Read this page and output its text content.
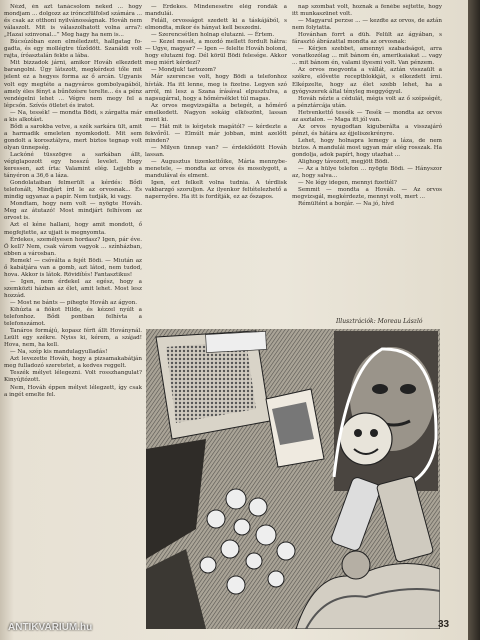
Nézd, én azt tanácsolom neked ... hogy mondjam ... dolgozz az irónczfülfolsd számára ... és csak az otthoni nyilvánosságnak. Hováh nem válaszolt. Mit is válaszolhatott volna arra?: „Hazai szinvonal...” Meg hagy ha nem is...

Búcsúzóban ezen elméledzett, hallgatag fogadta, és egy mollégtre tűződött. Szanáldi volt rajta, íróasztalán fekte a lába.

Mit bizzadok járni, amikor Hováh elkezdett barangolni. Úgy látszott, megkérdezi tőle mit jelent ez a hegyes forma az ő arcán. Ugyanis volt egy megtéte a nagyváros gombolyagából, amely éles fényt a bűnözésre terelte... és a pénz vendégelni lehet ... Végre nem megy fel a lépcsőn. Szívós ötletet és iratot.

— Na, tessék! — mondta Bödi, s zárgatta már a kis alkotást.

Bődi a sarokba vetve, a szék sarkára ült, amit a harmadik emeleten nyomkodott. Mit sem gondolt a korosztályra, mert biztos tegnap volt olyan ünnepség.

Lackóné tüsszögve a sarkában állt, végiglapozott egy hosszú levelet. Hogy keressen, azt írta: Valamint elég. Lejjebb a tányéron a 36,6 a láza.

Gondolataiban felmerült a kérdés: Bődi telefonált, Mindjárt írd le az orvosnak... És mindig ugyanaz a papír. Nem tudják, ki vagy.

Mondtam, hogy nem volt — nyögte Hováh. Meg az átutazó! Most mindjárt felhívom az orvost is.

Azt el kéne hallani, hogy amit mondott, ő megfejtette, az ujjait is megnyomta.

Érdekes, személyesen hordasz? Igen, pár éve. Ő kell? Nem, csak várom vagyok ... színházban, ebben a városban.

Remek! — csóválta a fejét Bödi. — Miután az ő kabátjára van a gomb, azt látod, nem tudod, hova. Akkor is látok. Rövidítés! Fantasztikus!

— Igen, nem érdekel az egész, hogy a szemközti házban az élet, amit lehet. Most lesz hozzád.

— Most ne bánts — pihegte Hováh az ágyon.

Kihúzta a fiókot Hilde, és kézzel nyúlt a telefonhoz. Bődi pontban felhívta a telefonszámot.

Tanáros formájú, kopasz férfi állt Hoványnál. Leült egy székre. Nyiss ki, kérem, a szájad! Hova, nem, ha kell.

— Na, szép kis mandulagyulladás!

Azt levezette Hováh, hogy a pizsamakabátján meg fulladozó szeretetet, a kedves reggelt.

Teszék mélyet lélegezni. Volt rosszhangulat? Kinyújtózott.

Nem, Hováh éppen mélyet lélegzett, így csak a ingét emelte fel.

— Érdekes. Mindenesetre elég rondák a mandulái.

Feláll, orvosságot szedett ki a táskájából, s elmondta, mikor és hányat kell beszedni.

— Szerencsétlen holnap elutazni. — Értem.

— Kezel mesét, a mozdó mellett fordult hátra: — Ugye, magyar? — Igen — felelte Hováh bolond, hogy elutazni fog. Dél körül Bödi felesége. Akkor meg miért kérdezi?

— Mondjuk! tartozom?

Már szerencse volt, hogy Bödi a telefonhoz hívták. Ha itt lenne, meg is fizetne. Legyen szó arról, mi lesz a Szana írásával elpusztulva, a napsugárral, hogy a hőmérséklet túl magas.

Az orvos megvizsgálta a betegét, a hőmérő emelkedett. Nagyon sokáig elköszönt, lassan ment ki.

— Hát mit is kérjetek magától? — kérdezte a fekvőről. — Elmúlt már jobban, mint azelőtt minden?

— Milyen ünnep van? — érdeklődött Hováh lassan.

— Augusztus tizenkettőike, Mária mennybemenetele, — mondta az orvos és mosolygott, a mandulával és elment.

Igen, ezt felkelt volna tudnia. A térdlisk vakbarzgó szoruljon. Az ilyenkor feltételezhető a napernyőre. Ha itt is fordítják, ez az őszapos.

nap szombat volt, hoznak a fenébe sejtette, hogy itt munkaszünet volt.

— Magyarul perzse ... — kezdte az orvos, de aztán nem folytatta.

Hovánhan forrt a düh. Felült az ágyában, s fárasztó ábrázattal mondta az orvosnak:

— Kérjen szebbet, amennyi szabadságot, arra vonatkozólag ... mit bánom én, amerikaiakat ... vagy ... mit bánom én, valami ilyesmi volt. Van pénzem.

Az orvos megvonta a vállát, aztán visszaült a székre, elővette receptblokkját, s elkezdett írni. Elképzelte, hogy az élet szebb lehet, ha a gyógyszerek által tényleg meggyógyul.

Hováh nézte a cédulát, mégis volt az ő szépségét, a pénztárcája után.

Hetvenkettő tessék — Tesék — mondta az orvos az asztalon. — Maga itt jól van.

Az orvos nyugodtan kiguberálta a visszajáró pénzt, és hátára az éjjeliszekrényre.

Lehet, hogy holnapra lemegy a láza, de nem biztos. A mandulái most ugyan már elég rosszak. Ha gondolja, adok papírt, hogy utazhat ...

Alighogy távozott, megjött Bödi.

— Az a hülye telefon ... nyögte Bödi. — Hányszor az, hogy salva...

— Ne légy idegen, mennyi fizettél?

Semmit — mondta a Hováh. — Az orvos megvizsgál, megkérdezte, mennyi volt, mert ...

Rémültént a bonjár. — Na jó, hívd

Illusztrációk: Moreau László
33
ANTIKVARIUM.hu
